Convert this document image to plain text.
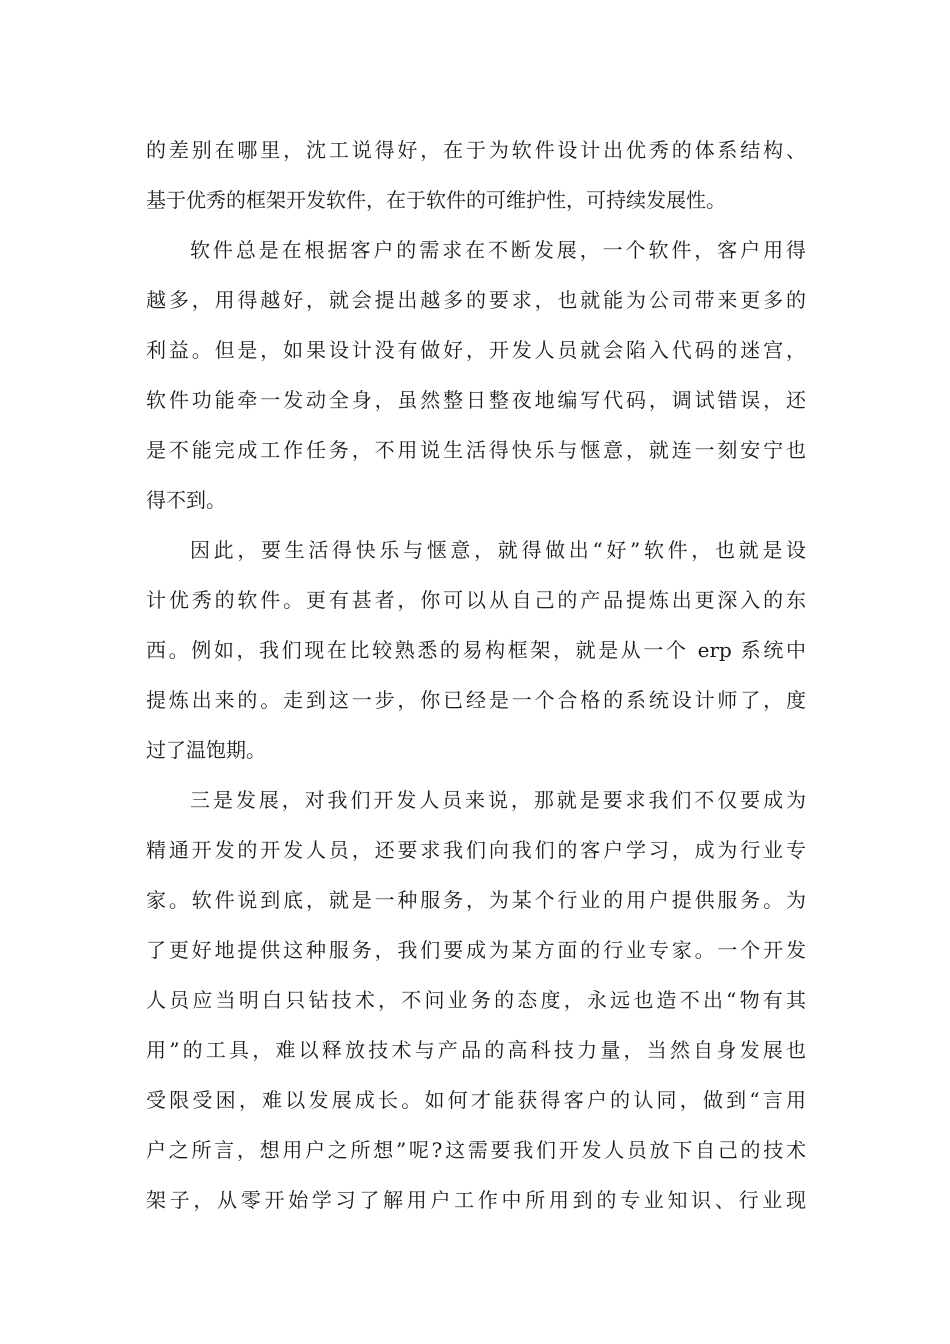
的差别在哪里，沈工说得好，在于为软件设计出优秀的体系结构、
基于优秀的框架开发软件，在于软件的可维护性，可持续发展性。
软件总是在根据客户的需求在不断发展，一个软件，客户用得
越多，用得越好，就会提出越多的要求，也就能为公司带来更多的
利益。但是，如果设计没有做好，开发人员就会陷入代码的迷宫，
软件功能牵一发动全身，虽然整日整夜地编写代码，调试错误，还
是不能完成工作任务，不用说生活得快乐与惬意，就连一刻安宁也
得不到。
因此，要生活得快乐与惬意，就得做出“好”软件，也就是设
计优秀的软件。更有甚者，你可以从自己的产品提炼出更深入的东
西。例如，我们现在比较熟悉的易构框架，就是从一个 erp 系统中
提炼出来的。走到这一步，你已经是一个合格的系统设计师了，度
过了温饱期。
三是发展，对我们开发人员来说，那就是要求我们不仅要成为
精通开发的开发人员，还要求我们向我们的客户学习，成为行业专
家。软件说到底，就是一种服务，为某个行业的用户提供服务。为
了更好地提供这种服务，我们要成为某方面的行业专家。一个开发
人员应当明白只钻技术，不问业务的态度，永远也造不出“物有其
用”的工具，难以释放技术与产品的高科技力量，当然自身发展也
受限受困，难以发展成长。如何才能获得客户的认同，做到“言用
户之所言，想用户之所想”呢?这需要我们开发人员放下自己的技术
架子，从零开始学习了解用户工作中所用到的专业知识、行业现
